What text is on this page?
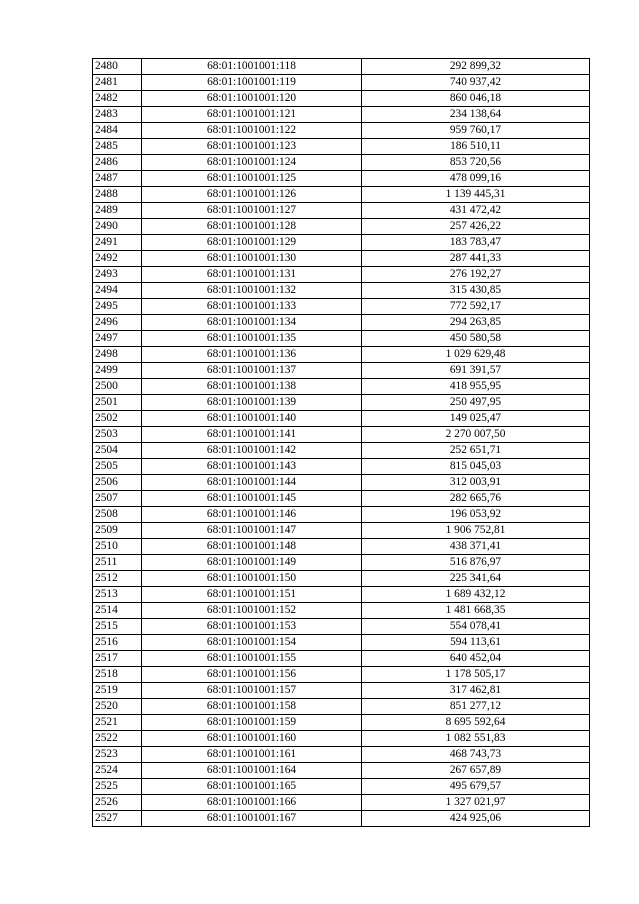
2480	68:01:1001001:118	292 899,32
2481	68:01:1001001:119	740 937,42
2482	68:01:1001001:120	860 046,18
2483	68:01:1001001:121	234 138,64
2484	68:01:1001001:122	959 760,17
2485	68:01:1001001:123	186 510,11
2486	68:01:1001001:124	853 720,56
2487	68:01:1001001:125	478 099,16
2488	68:01:1001001:126	1 139 445,31
2489	68:01:1001001:127	431 472,42
2490	68:01:1001001:128	257 426,22
2491	68:01:1001001:129	183 783,47
2492	68:01:1001001:130	287 441,33
2493	68:01:1001001:131	276 192,27
2494	68:01:1001001:132	315 430,85
2495	68:01:1001001:133	772 592,17
2496	68:01:1001001:134	294 263,85
2497	68:01:1001001:135	450 580,58
2498	68:01:1001001:136	1 029 629,48
2499	68:01:1001001:137	691 391,57
2500	68:01:1001001:138	418 955,95
2501	68:01:1001001:139	250 497,95
2502	68:01:1001001:140	149 025,47
2503	68:01:1001001:141	2 270 007,50
2504	68:01:1001001:142	252 651,71
2505	68:01:1001001:143	815 045,03
2506	68:01:1001001:144	312 003,91
2507	68:01:1001001:145	282 665,76
2508	68:01:1001001:146	196 053,92
2509	68:01:1001001:147	1 906 752,81
2510	68:01:1001001:148	438 371,41
2511	68:01:1001001:149	516 876,97
2512	68:01:1001001:150	225 341,64
2513	68:01:1001001:151	1 689 432,12
2514	68:01:1001001:152	1 481 668,35
2515	68:01:1001001:153	554 078,41
2516	68:01:1001001:154	594 113,61
2517	68:01:1001001:155	640 452,04
2518	68:01:1001001:156	1 178 505,17
2519	68:01:1001001:157	317 462,81
2520	68:01:1001001:158	851 277,12
2521	68:01:1001001:159	8 695 592,64
2522	68:01:1001001:160	1 082 551,83
2523	68:01:1001001:161	468 743,73
2524	68:01:1001001:164	267 657,89
2525	68:01:1001001:165	495 679,57
2526	68:01:1001001:166	1 327 021,97
2527	68:01:1001001:167	424 925,06
